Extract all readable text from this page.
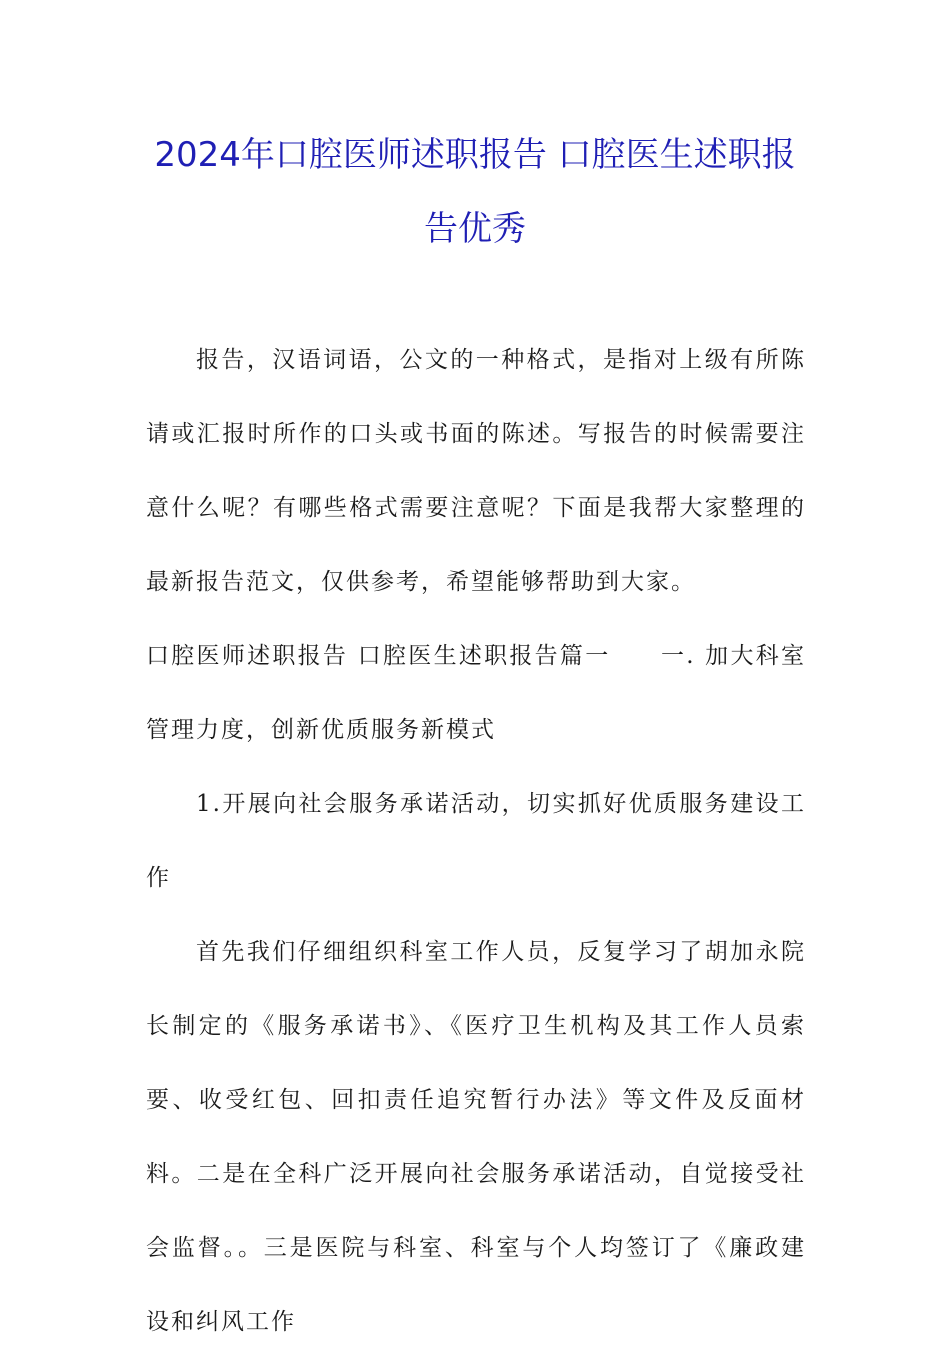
2024年口腔医师述职报告 口腔医生述职报
告优秀

报告，汉语词语，公文的一种格式，是指对上级有所陈请或汇报时所作的口头或书面的陈述。写报告的时候需要注意什么呢？有哪些格式需要注意呢？下面是我帮大家整理的最新报告范文，仅供参考，希望能够帮助到大家。

口腔医师述职报告 口腔医生述职报告篇一　　一. 加大科室管理力度，创新优质服务新模式

1.开展向社会服务承诺活动，切实抓好优质服务建设工作

首先我们仔细组织科室工作人员，反复学习了胡加永院长制定的《服务承诺书》、《医疗卫生机构及其工作人员索要、收受红包、回扣责任追究暂行办法》等文件及反面材料。二是在全科广泛开展向社会服务承诺活动，自觉接受社会监督。。三是医院与科室、科室与个人均签订了《廉政建设和纠风工作
